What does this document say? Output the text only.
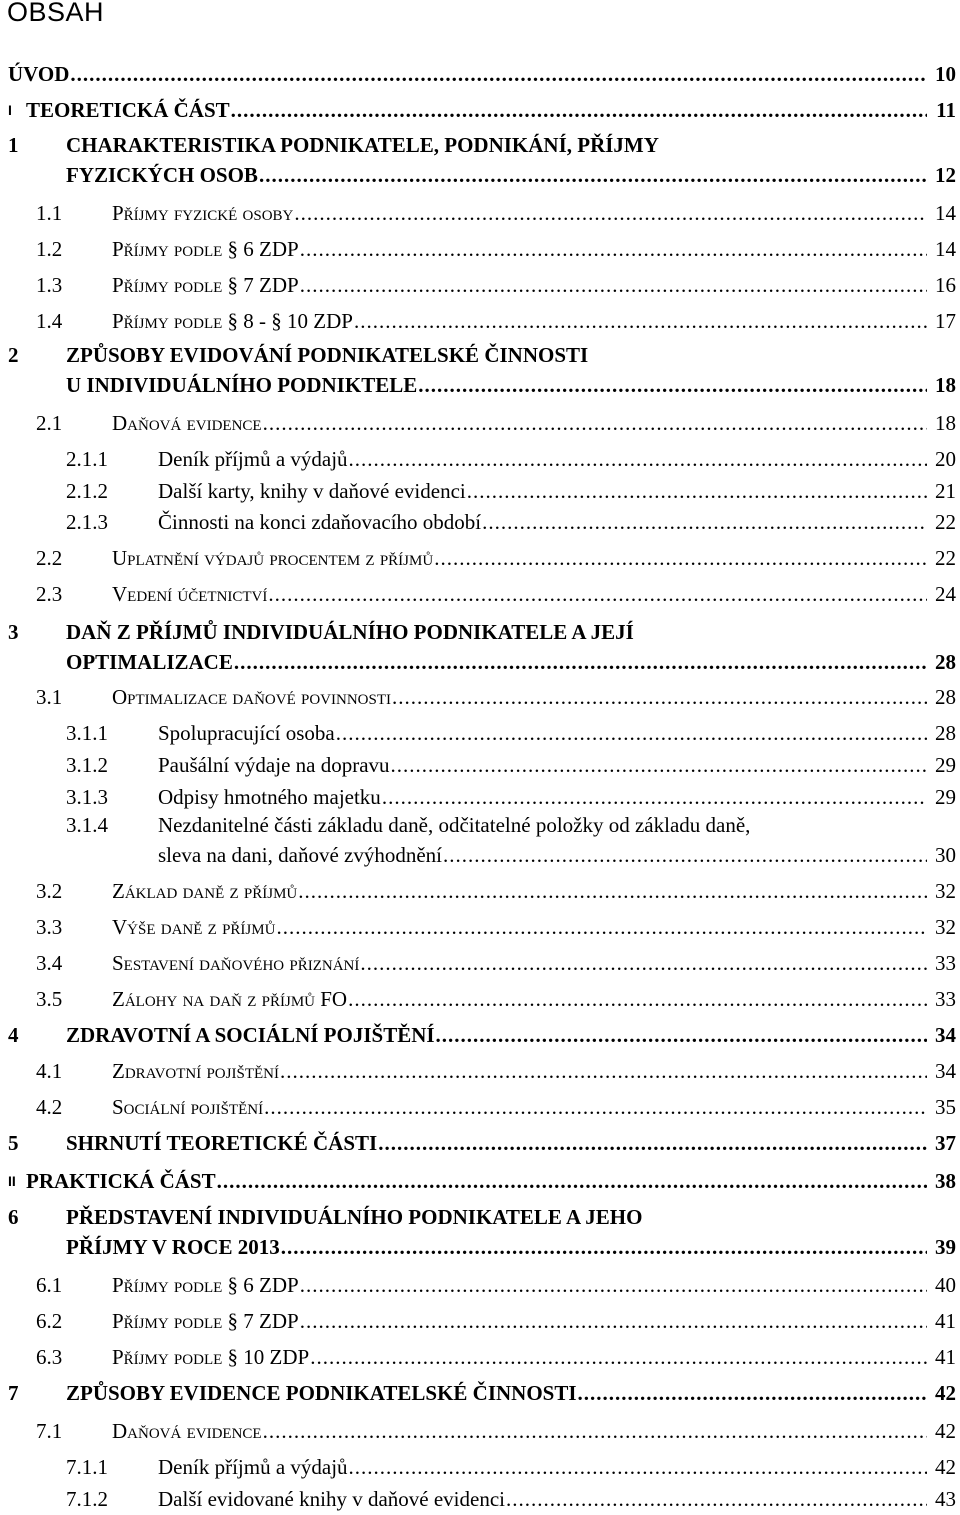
OBSAH
ÚVOD .....	10
I TEORETICKÁ ČÁST .....	11
1 CHARAKTERISTIKA PODNIKATELE, PODNIKÁNÍ, PŘÍJMY
FYZICKÝCH OSOB .....	12
1.1 Příjmy fyzické osoby .....	14
1.2 Příjmy podle § 6 ZDP .....	14
1.3 Příjmy podle § 7 ZDP .....	16
1.4 Příjmy podle § 8 - § 10 ZDP .....	17
2 ZPŮSOBY EVIDOVÁNÍ PODNIKATELSKÉ ČINNOSTI
U INDIVIDUÁLNÍHO PODNIKTELE .....	18
2.1 Daňová evidence .....	18
2.1.1 Deník příjmů a výdajů .....	20
2.1.2 Další karty, knihy v daňové evidenci .....	21
2.1.3 Činnosti na konci zdaňovacího období .....	22
2.2 Uplatnění výdajů procentem z příjmů .....	22
2.3 Vedení účetnictví .....	24
3 DAŇ Z PŘÍJMŮ INDIVIDUÁLNÍHO PODNIKATELE A JEJÍ
OPTIMALIZACE .....	28
3.1 Optimalizace daňové povinnosti .....	28
3.1.1 Spolupracující osoba .....	28
3.1.2 Paušální výdaje na dopravu .....	29
3.1.3 Odpisy hmotného majetku .....	29
3.1.4 Nezdanitelné části základu daně, odčitatelné položky od základu daně,
sleva na dani, daňové zvýhodnění .....	30
3.2 Základ daně z příjmů .....	32
3.3 Výše daně z příjmů .....	32
3.4 Sestavení daňového přiznání .....	33
3.5 Zálohy na daň z příjmů FO .....	33
4 ZDRAVOTNÍ A SOCIÁLNÍ POJIŠTĚNÍ .....	34
4.1 Zdravotní pojištění .....	34
4.2 Sociální pojištění .....	35
5 SHRNUTÍ TEORETICKÉ ČÁSTI .....	37
II PRAKTICKÁ ČÁST .....	38
6 PŘEDSTAVENÍ INDIVIDUÁLNÍHO PODNIKATELE A JEHO
PŘÍJMY V ROCE 2013 .....	39
6.1 Příjmy podle § 6 ZDP .....	40
6.2 Příjmy podle § 7 ZDP .....	41
6.3 Příjmy podle § 10 ZDP .....	41
7 ZPŮSOBY EVIDENCE PODNIKATELSKÉ ČINNOSTI .....	42
7.1 Daňová evidence .....	42
7.1.1 Deník příjmů a výdajů .....	42
7.1.2 Další evidované knihy v daňové evidenci .....	43
